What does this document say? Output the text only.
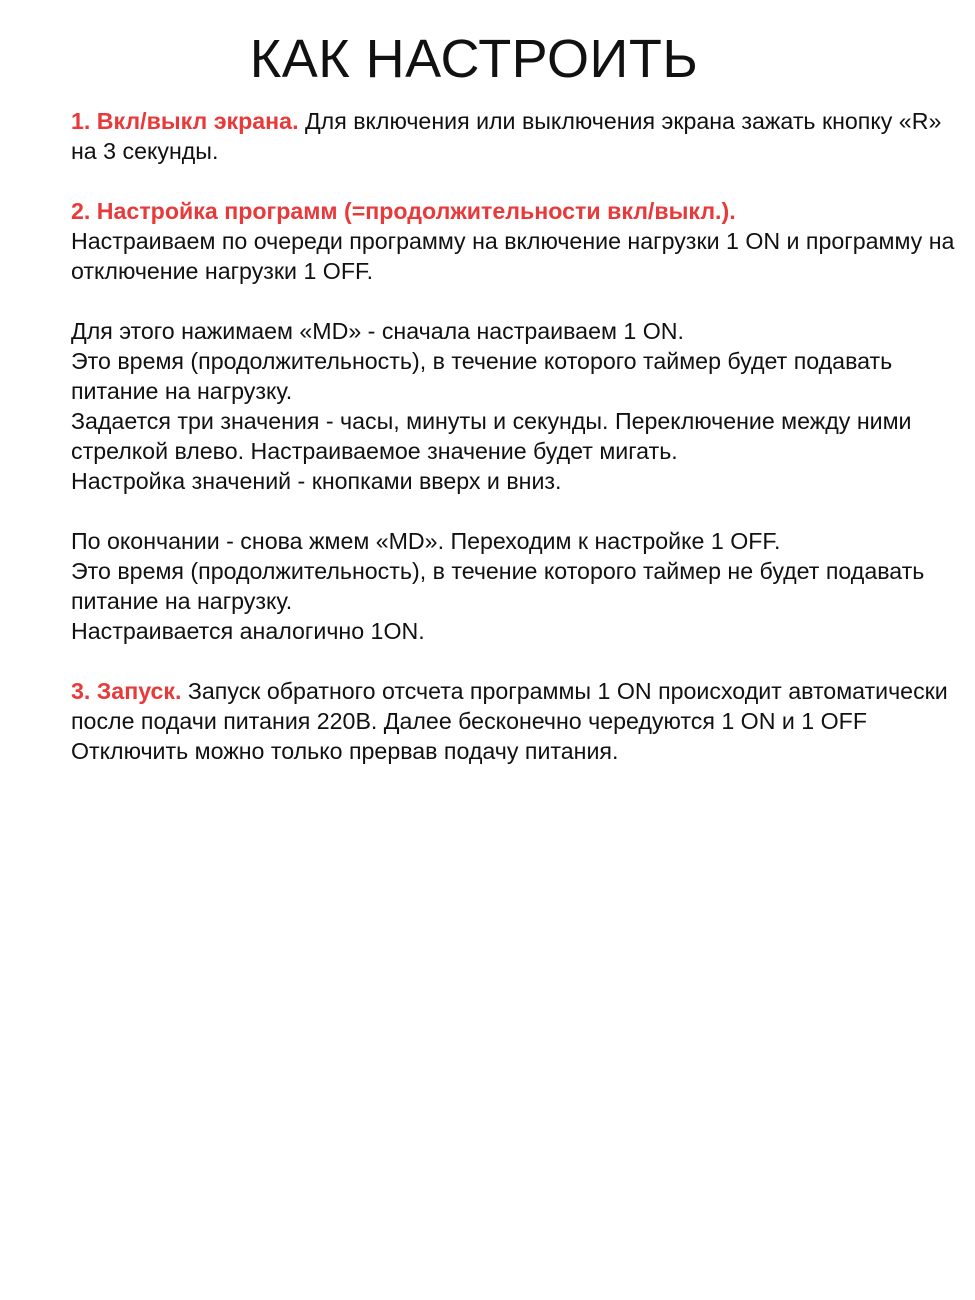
КАК НАСТРОИТЬ

1. Вкл/выкл экрана. Для включения или выключения экрана зажать кнопку «R» на 3 секунды.

2. Настройка программ (=продолжительности вкл/выкл.).

Настраиваем по очереди программу на включение нагрузки 1 ON и программу на отключение нагрузки 1 OFF.

Для этого нажимаем «MD» - сначала настраиваем 1 ON.

Это время (продолжительность), в течение которого таймер будет подавать питание на нагрузку.

Задается три значения - часы, минуты и секунды. Переключение между ними стрелкой влево. Настраиваемое значение будет мигать.

Настройка значений - кнопками вверх и вниз.

По окончании - снова жмем «MD». Переходим к настройке 1 OFF.

Это время (продолжительность), в течение которого таймер не будет подавать питание на нагрузку.

Настраивается аналогично 1ON.

3. Запуск. Запуск обратного отсчета программы 1 ON происходит автоматически после подачи питания 220В. Далее бесконечно чередуются 1 ON и 1 OFF Отключить можно только прервав подачу питания.
